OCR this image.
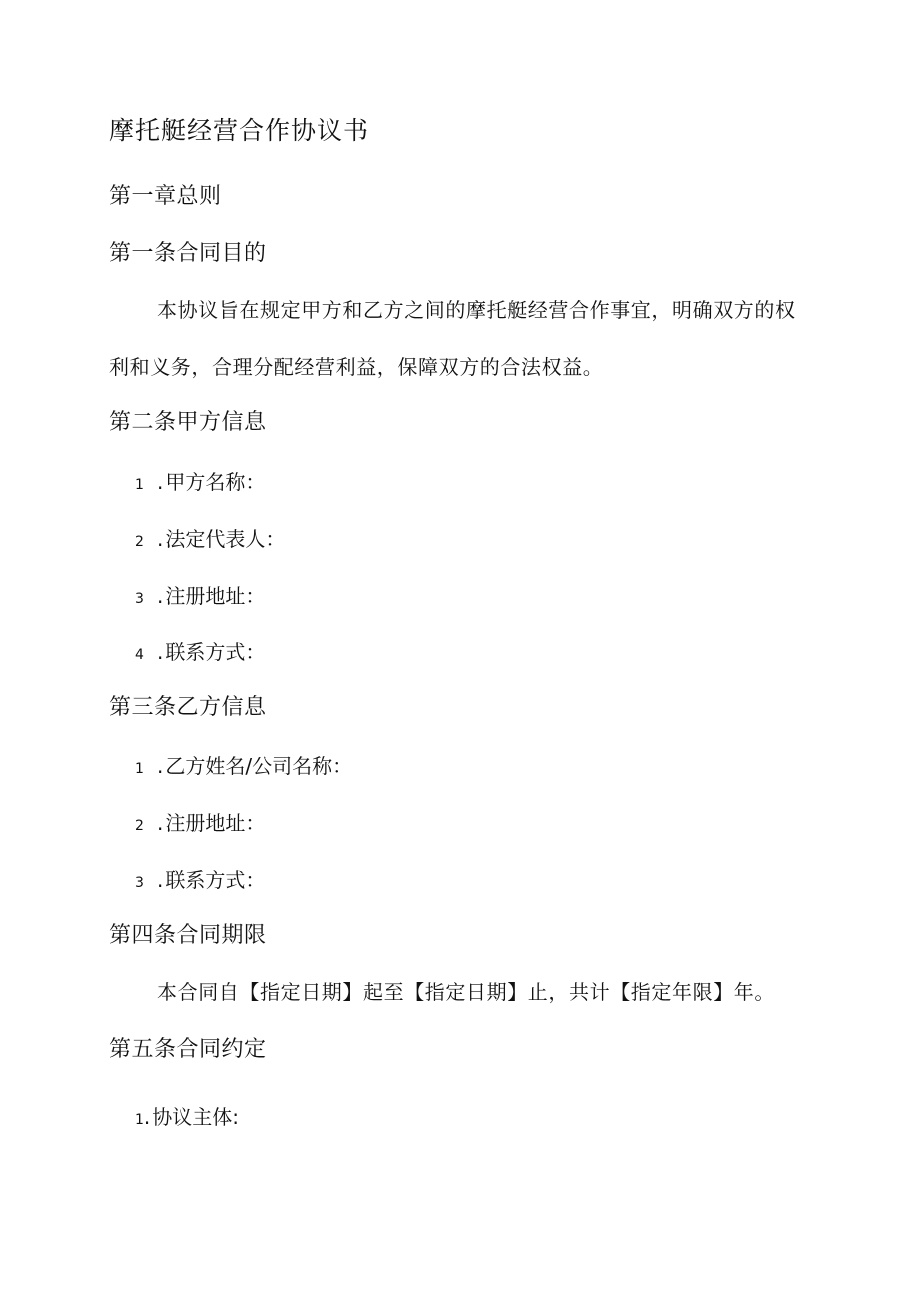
摩托艇经营合作协议书
第一章总则
第一条合同目的
本协议旨在规定甲方和乙方之间的摩托艇经营合作事宜，明确双方的权利和义务，合理分配经营利益，保障双方的合法权益。
第二条甲方信息
1 . 甲方名称：
2 . 法定代表人：
3 . 注册地址：
4 . 联系方式：
第三条乙方信息
1 . 乙方姓名/公司名称：
2 . 注册地址：
3 . 联系方式：
第四条合同期限
本合同自【指定日期】起至【指定日期】止，共计【指定年限】年。
第五条合同约定
1 . 协议主体:
